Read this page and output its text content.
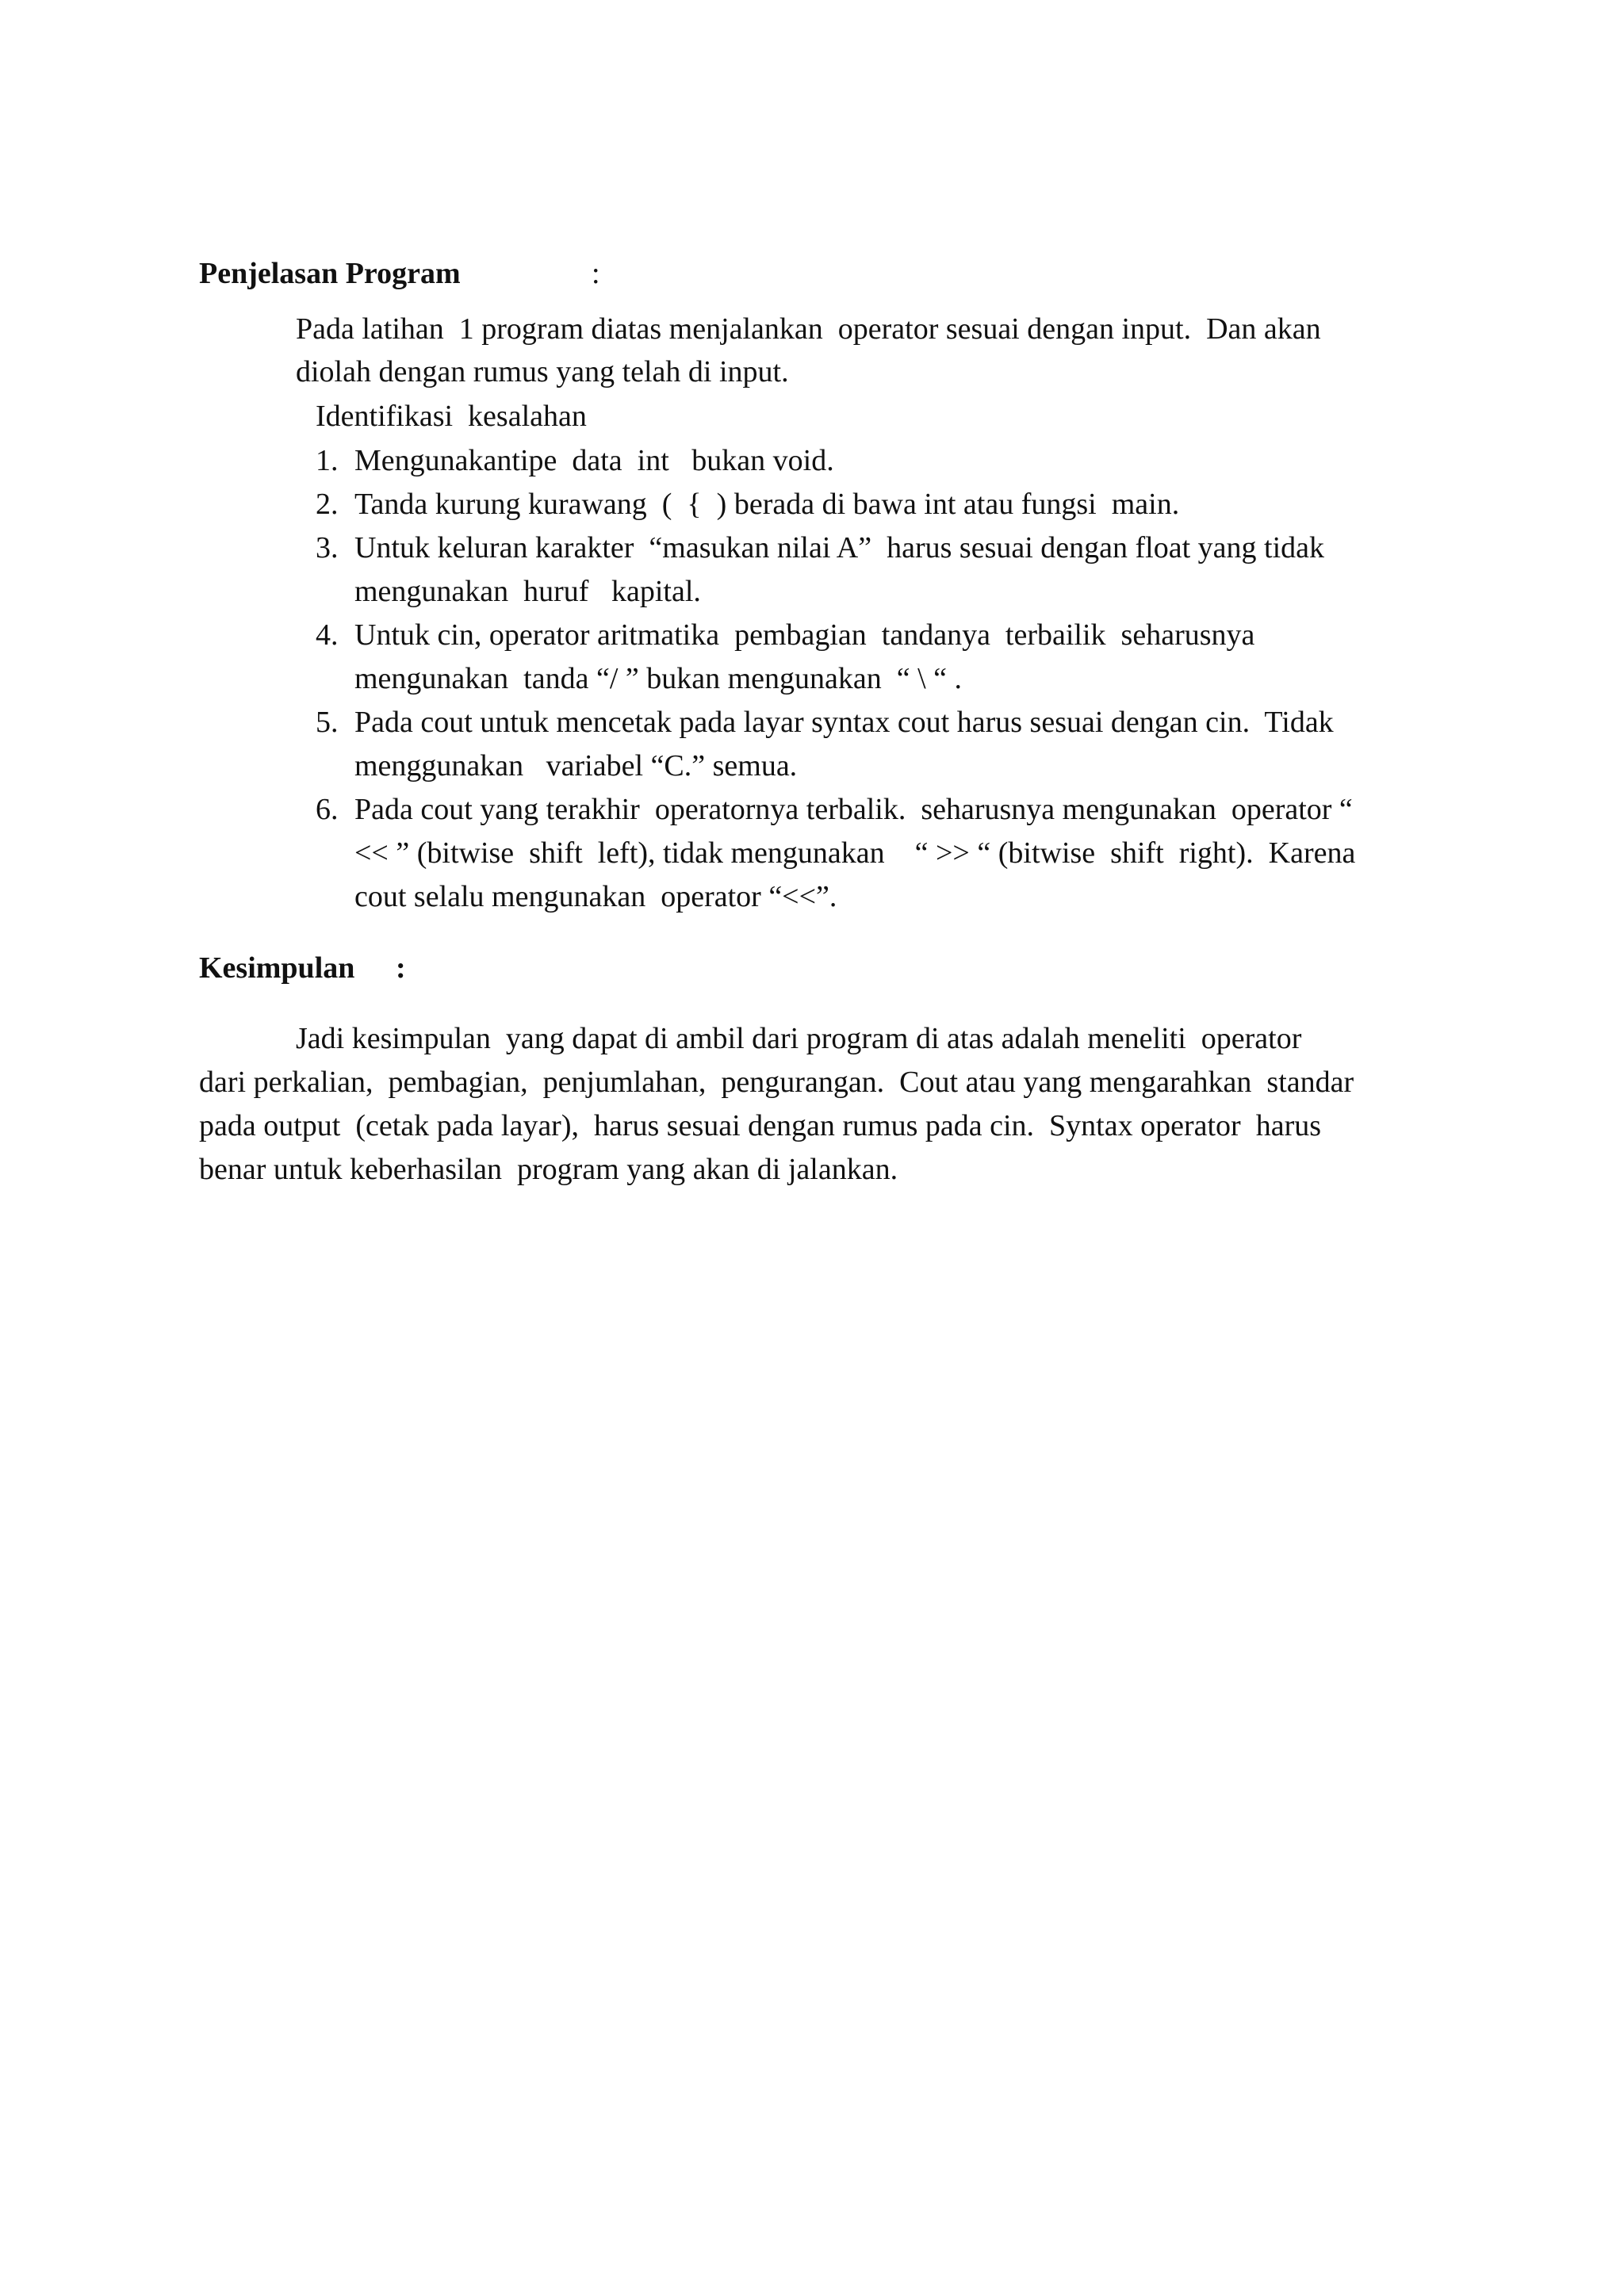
Penjelasan Program	:
Pada latihan  1 program diatas menjalankan  operator sesuai dengan input.  Dan akan
diolah dengan rumus yang telah di input.
Identifikasi  kesalahan
1. Mengunakantipe  data  int   bukan void.
2. Tanda kurung kurawang  (  {  ) berada di bawa int atau fungsi  main.
3. Untuk keluran karakter  “masukan nilai A”  harus sesuai dengan float yang tidak
mengunakan  huruf   kapital.
4. Untuk cin, operator aritmatika  pembagian  tandanya  terbailik  seharusnya
mengunakan  tanda “/ ” bukan mengunakan  “ \ “ .
5. Pada cout untuk mencetak pada layar syntax cout harus sesuai dengan cin.  Tidak
menggunakan   variabel “C.” semua.
6. Pada cout yang terakhir  operatornya terbalik.  seharusnya mengunakan  operator “
<< ” (bitwise  shift  left), tidak mengunakan    “ >> “ (bitwise  shift  right).  Karena
cout selalu mengunakan  operator “<<”.
Kesimpulan :
Jadi kesimpulan  yang dapat di ambil dari program di atas adalah meneliti  operator
dari perkalian,  pembagian,  penjumlahan,  pengurangan.  Cout atau yang mengarahkan  standar
pada output  (cetak pada layar),  harus sesuai dengan rumus pada cin.  Syntax operator  harus
benar untuk keberhasilan  program yang akan di jalankan.
